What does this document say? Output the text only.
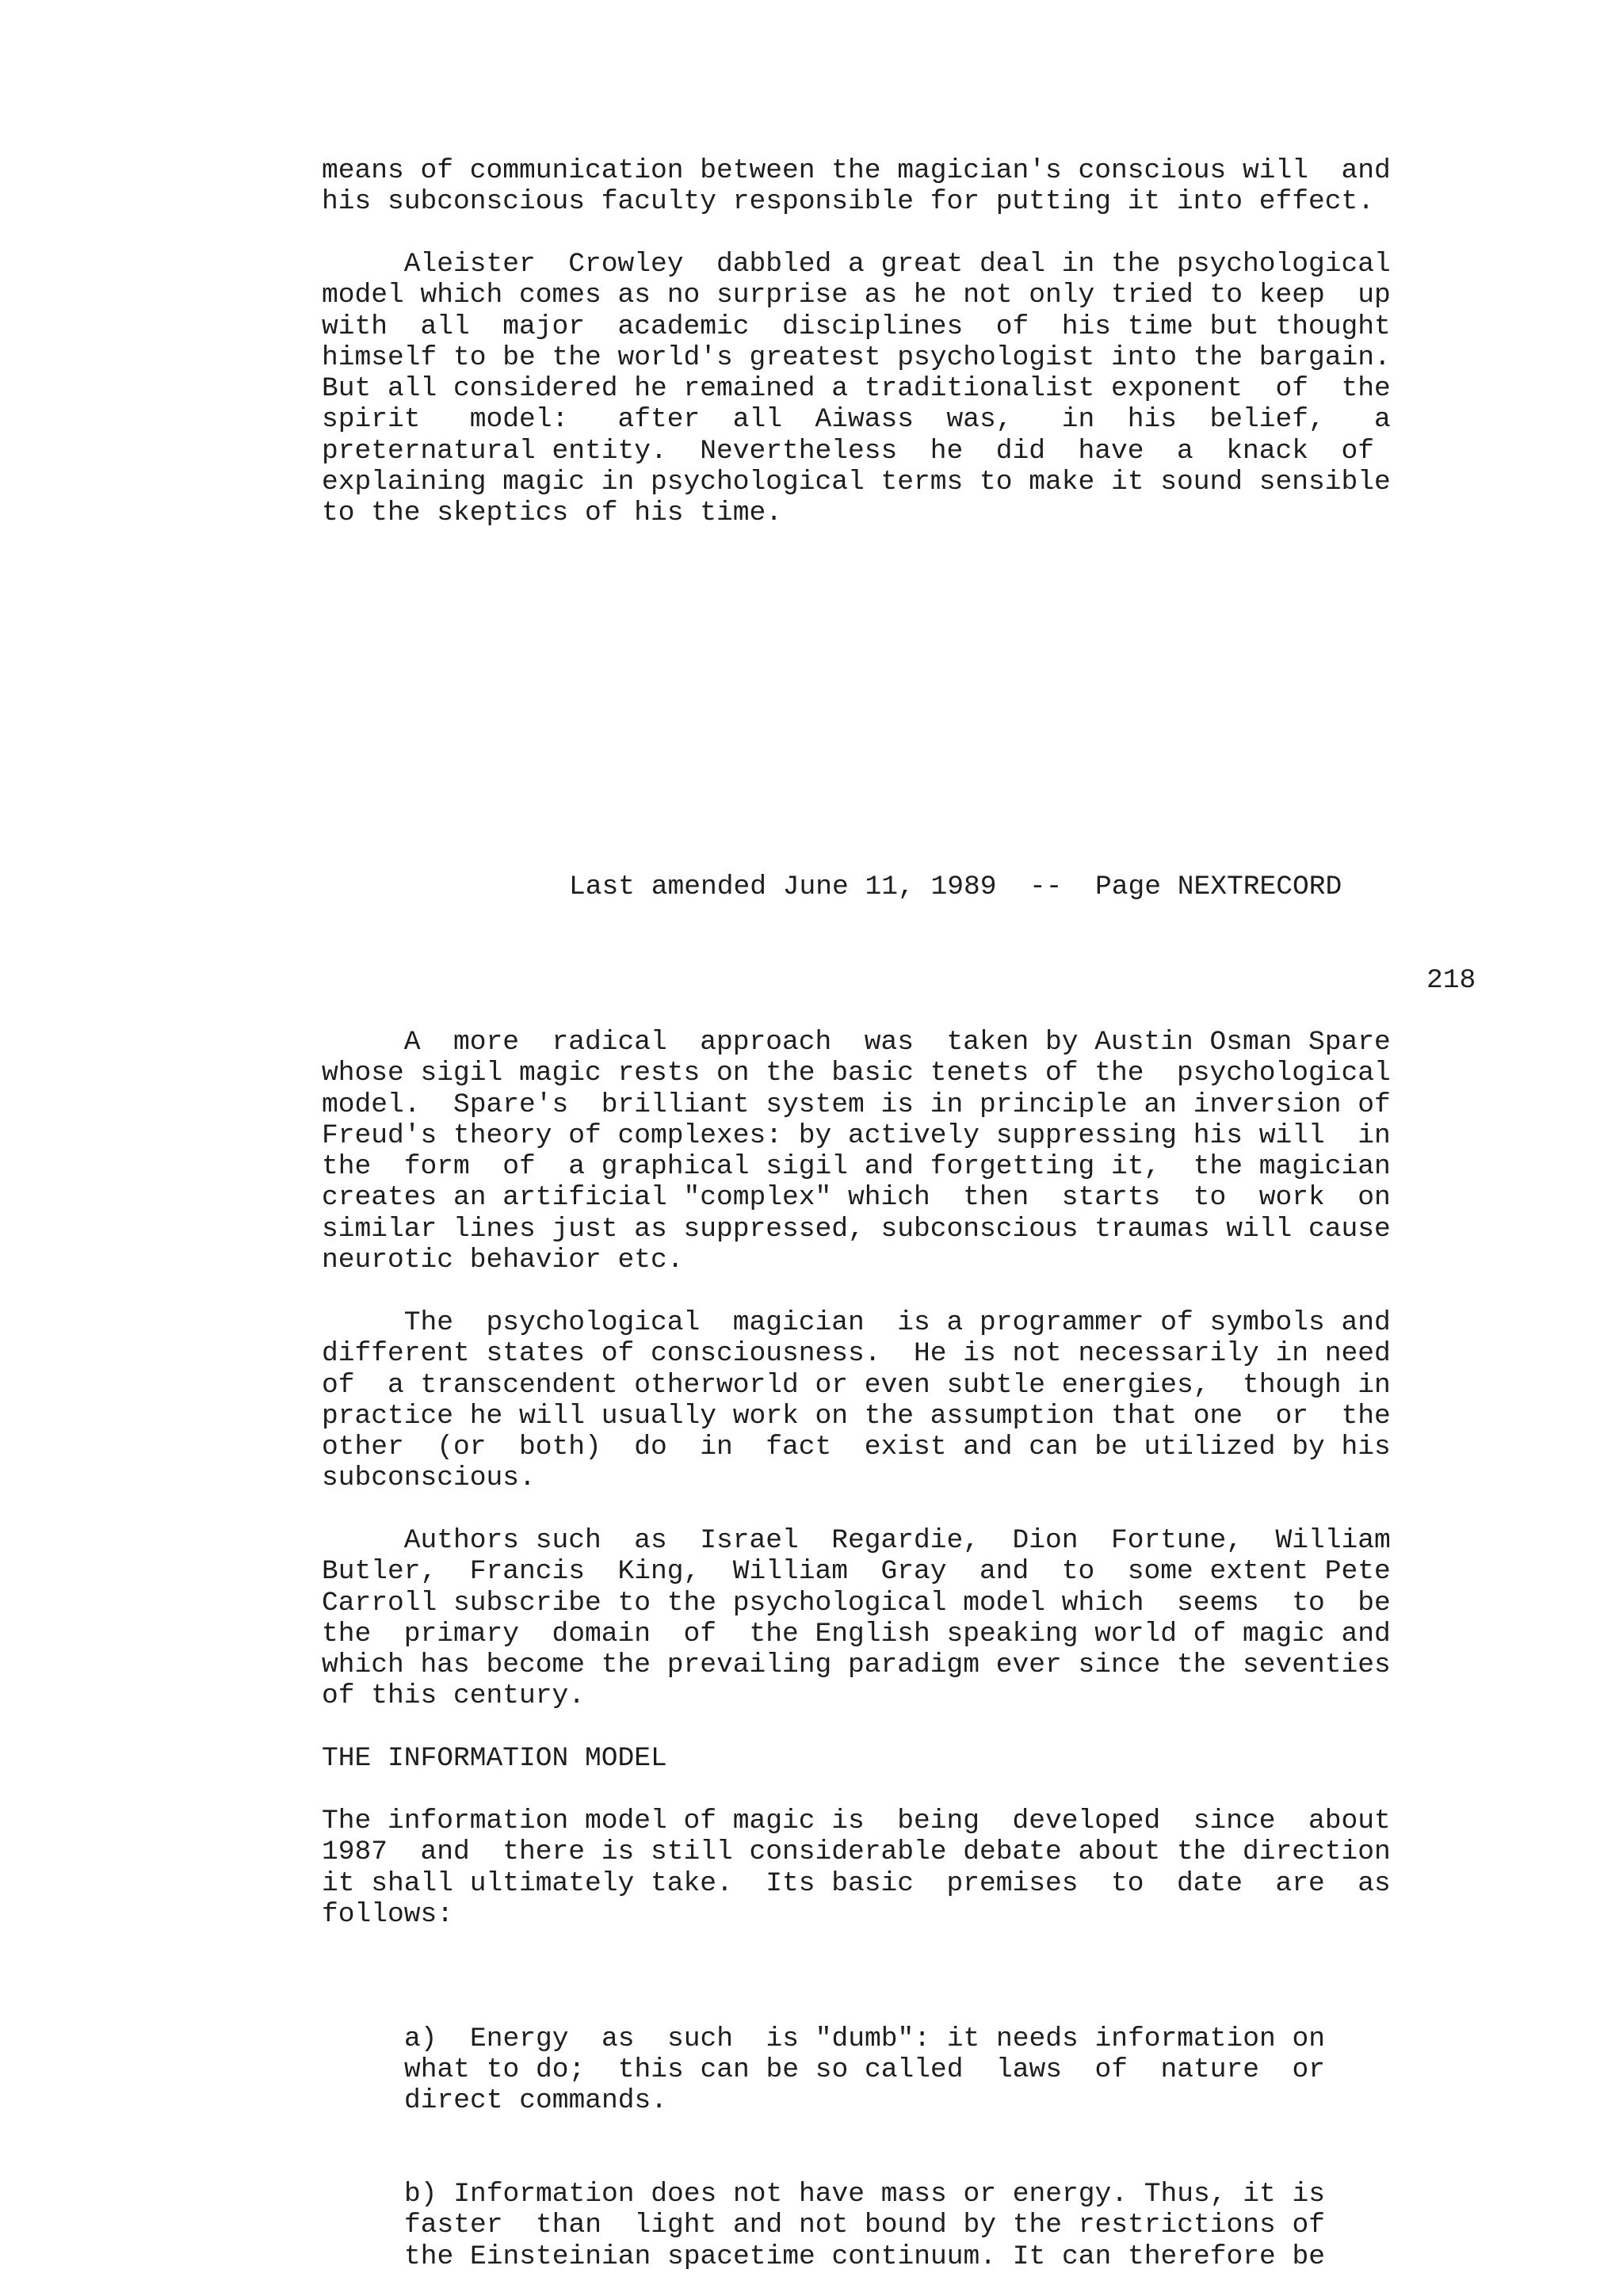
means of communication between the magician's conscious will  and
his subconscious faculty responsible for putting it into effect.
Aleister  Crowley  dabbled a great deal in the psychological
model which comes as no surprise as he not only tried to keep  up
with  all  major  academic  disciplines  of  his time but thought
himself to be the world's greatest psychologist into the bargain.
But all considered he remained a traditionalist exponent  of  the
spirit   model:   after  all  Aiwass  was,   in  his  belief,   a
preternatural entity.  Nevertheless  he  did  have  a  knack  of
explaining magic in psychological terms to make it sound sensible
to the skeptics of his time.
Last amended June 11, 1989  --  Page NEXTRECORD
218
A  more  radical  approach  was  taken by Austin Osman Spare
whose sigil magic rests on the basic tenets of the  psychological
model.  Spare's  brilliant system is in principle an inversion of
Freud's theory of complexes: by actively suppressing his will  in
the  form  of  a graphical sigil and forgetting it,  the magician
creates an artificial "complex" which  then  starts  to  work  on
similar lines just as suppressed, subconscious traumas will cause
neurotic behavior etc.
The  psychological  magician  is a programmer of symbols and
different states of consciousness.  He is not necessarily in need
of  a transcendent otherworld or even subtle energies,  though in
practice he will usually work on the assumption that one  or  the
other  (or  both)  do  in  fact  exist and can be utilized by his
subconscious.
Authors such  as  Israel  Regardie,  Dion  Fortune,  William
Butler,  Francis  King,  William  Gray  and  to  some extent Pete
Carroll subscribe to the psychological model which  seems  to  be
the  primary  domain  of  the English speaking world of magic and
which has become the prevailing paradigm ever since the seventies
of this century.
THE INFORMATION MODEL
The information model of magic is  being  developed  since  about
1987  and  there is still considerable debate about the direction
it shall ultimately take.  Its basic  premises  to  date  are  as
follows:

a)  Energy  as  such  is "dumb": it needs information on
what to do;  this can be so called  laws  of  nature  or
direct commands.

b) Information does not have mass or energy. Thus, it is
faster  than  light and not bound by the restrictions of
the Einsteinian spacetime continuum. It can therefore be
